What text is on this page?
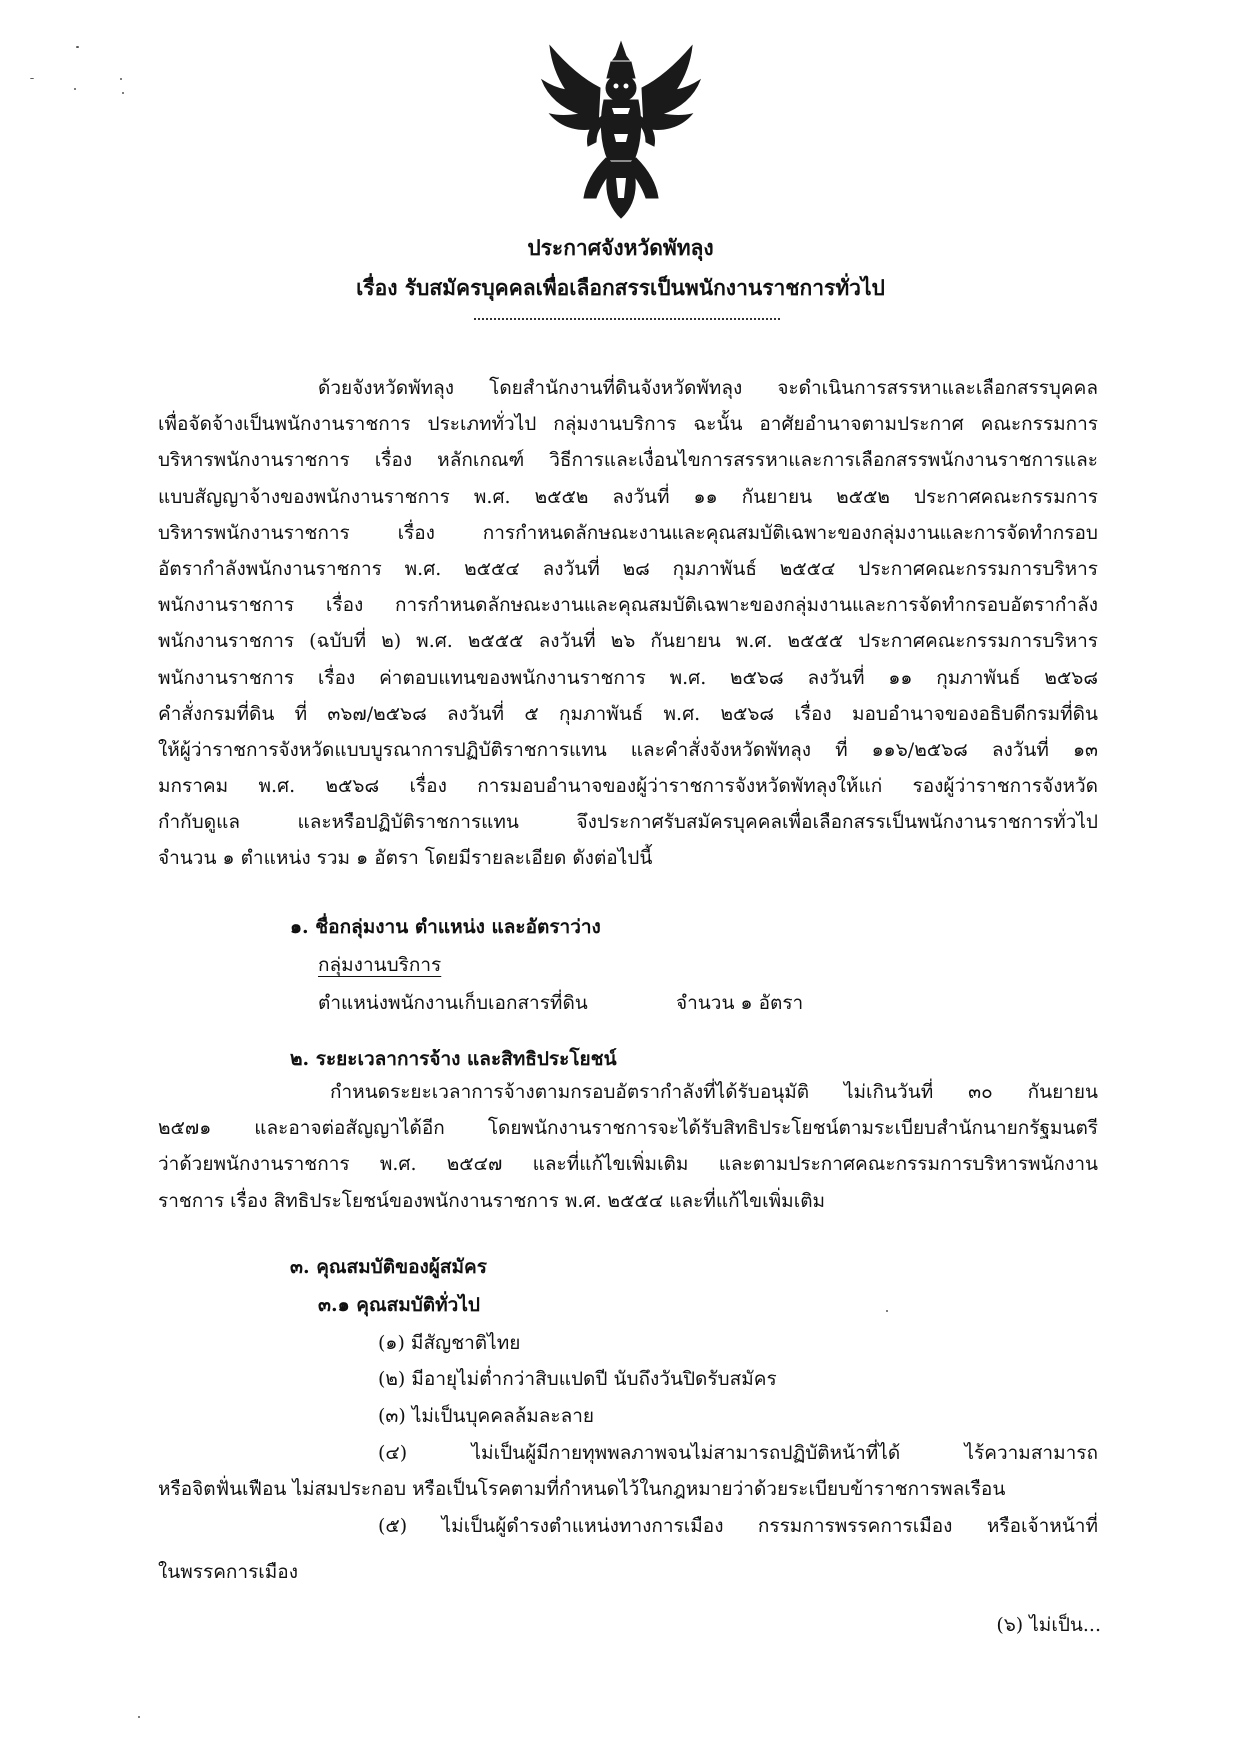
ประกาศจังหวัดพัทลุง
เรื่อง รับสมัครบุคคลเพื่อเลือกสรรเป็นพนักงานราชการทั่วไป
ด้วยจังหวัดพัทลุง โดยสำนักงานที่ดินจังหวัดพัทลุง จะดำเนินการสรรหาและเลือกสรรบุคคล
เพื่อจัดจ้างเป็นพนักงานราชการ ประเภททั่วไป กลุ่มงานบริการ ฉะนั้น อาศัยอำนาจตามประกาศ คณะกรรมการ
บริหารพนักงานราชการ เรื่อง หลักเกณฑ์ วิธีการและเงื่อนไขการสรรหาและการเลือกสรรพนักงานราชการและ
แบบสัญญาจ้างของพนักงานราชการ พ.ศ. ๒๕๕๒ ลงวันที่ ๑๑ กันยายน ๒๕๕๒ ประกาศคณะกรรมการ
บริหารพนักงานราชการ เรื่อง การกำหนดลักษณะงานและคุณสมบัติเฉพาะของกลุ่มงานและการจัดทำกรอบ
อัตรากำลังพนักงานราชการ พ.ศ. ๒๕๕๔ ลงวันที่ ๒๘ กุมภาพันธ์ ๒๕๕๔ ประกาศคณะกรรมการบริหาร
พนักงานราชการ เรื่อง การกำหนดลักษณะงานและคุณสมบัติเฉพาะของกลุ่มงานและการจัดทำกรอบอัตรากำลัง
พนักงานราชการ (ฉบับที่ ๒) พ.ศ. ๒๕๕๕ ลงวันที่ ๒๖ กันยายน พ.ศ. ๒๕๕๕ ประกาศคณะกรรมการบริหาร
พนักงานราชการ เรื่อง ค่าตอบแทนของพนักงานราชการ พ.ศ. ๒๕๖๘ ลงวันที่ ๑๑ กุมภาพันธ์ ๒๕๖๘
คำสั่งกรมที่ดิน ที่ ๓๖๗/๒๕๖๘ ลงวันที่ ๕ กุมภาพันธ์ พ.ศ. ๒๕๖๘ เรื่อง มอบอำนาจของอธิบดีกรมที่ดิน
ให้ผู้ว่าราชการจังหวัดแบบบูรณาการปฏิบัติราชการแทน และคำสั่งจังหวัดพัทลุง ที่ ๑๑๖/๒๕๖๘ ลงวันที่ ๑๓
มกราคม พ.ศ. ๒๕๖๘ เรื่อง การมอบอำนาจของผู้ว่าราชการจังหวัดพัทลุงให้แก่ รองผู้ว่าราชการจังหวัด
กำกับดูแล และหรือปฏิบัติราชการแทน จึงประกาศรับสมัครบุคคลเพื่อเลือกสรรเป็นพนักงานราชการทั่วไป
จำนวน ๑ ตำแหน่ง รวม ๑ อัตรา โดยมีรายละเอียด ดังต่อไปนี้
๑. ชื่อกลุ่มงาน ตำแหน่ง และอัตราว่าง
กลุ่มงานบริการ
ตำแหน่งพนักงานเก็บเอกสารที่ดิน	จำนวน ๑ อัตรา
๒. ระยะเวลาการจ้าง และสิทธิประโยชน์
กำหนดระยะเวลาการจ้างตามกรอบอัตรากำลังที่ได้รับอนุมัติ ไม่เกินวันที่ ๓๐ กันยายน
๒๕๗๑ และอาจต่อสัญญาได้อีก โดยพนักงานราชการจะได้รับสิทธิประโยชน์ตามระเบียบสำนักนายกรัฐมนตรี
ว่าด้วยพนักงานราชการ พ.ศ. ๒๕๔๗ และที่แก้ไขเพิ่มเติม และตามประกาศคณะกรรมการบริหารพนักงาน
ราชการ เรื่อง สิทธิประโยชน์ของพนักงานราชการ พ.ศ. ๒๕๕๔ และที่แก้ไขเพิ่มเติม
๓. คุณสมบัติของผู้สมัคร
๓.๑ คุณสมบัติทั่วไป
(๑) มีสัญชาติไทย
(๒) มีอายุไม่ต่ำกว่าสิบแปดปี นับถึงวันปิดรับสมัคร
(๓) ไม่เป็นบุคคลล้มละลาย
(๔) ไม่เป็นผู้มีกายทุพพลภาพจนไม่สามารถปฏิบัติหน้าที่ได้ ไร้ความสามารถ
หรือจิตฟั่นเฟือน ไม่สมประกอบ หรือเป็นโรคตามที่กำหนดไว้ในกฎหมายว่าด้วยระเบียบข้าราชการพลเรือน
(๕) ไม่เป็นผู้ดำรงตำแหน่งทางการเมือง กรรมการพรรคการเมือง หรือเจ้าหน้าที่
ในพรรคการเมือง
(๖) ไม่เป็น...
